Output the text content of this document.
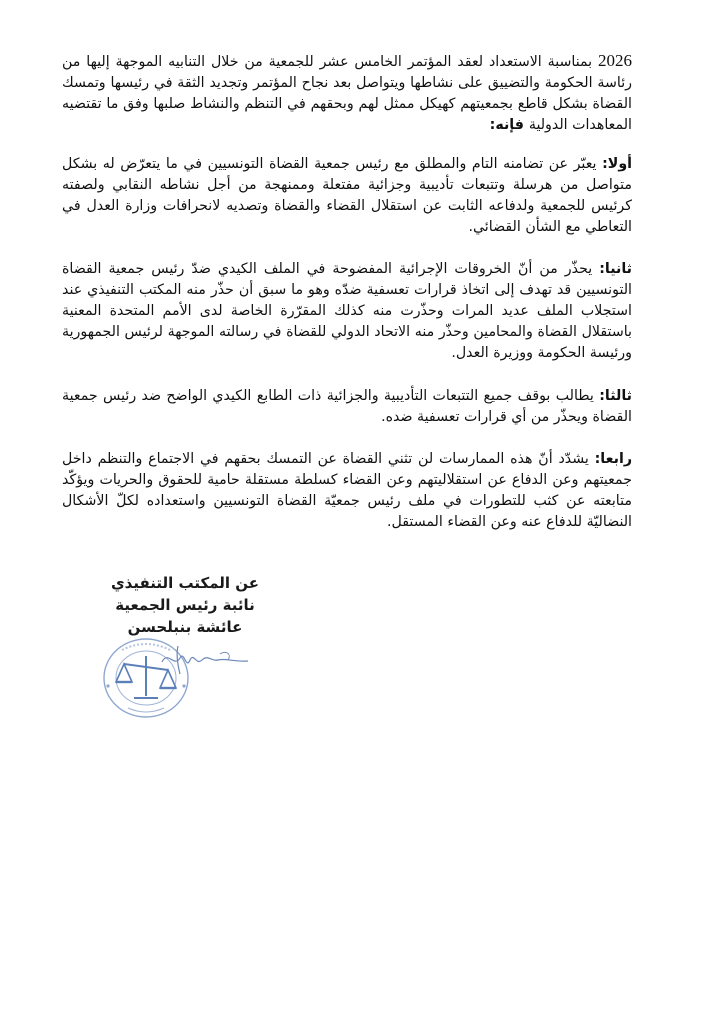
2026 بمناسبة الاستعداد لعقد المؤتمر الخامس عشر للجمعية من خلال التنابيه الموجهة إليها من رئاسة الحكومة والتضييق على نشاطها ويتواصل بعد نجاح المؤتمر وتجديد الثقة في رئيسها وتمسك القضاة بشكل قاطع بجمعيتهم كهيكل ممثل لهم وبحقهم في التنظم والنشاط صلبها وفق ما تقتضيه المعاهدات الدولية فإنه:

أولا: يعبّر عن تضامنه التام والمطلق مع رئيس جمعية القضاة التونسيين في ما يتعرّض له بشكل متواصل من هرسلة وتتبعات تأديبية وجزائية مفتعلة وممنهجة من أجل نشاطه النقابي ولصفته كرئيس للجمعية ولدفاعه الثابت عن استقلال القضاء والقضاة وتصديه لانحرافات وزارة العدل في التعاطي مع الشأن القضائي.

ثانيا: يحذّر من أنّ الخروقات الإجرائية المفضوحة في الملف الكيدي ضدّ رئيس جمعية القضاة التونسيين قد تهدف إلى اتخاذ قرارات تعسفية ضدّه وهو ما سبق أن حذّر منه المكتب التنفيذي عند استجلاب الملف عديد المرات وحذّرت منه كذلك المقرّرة الخاصة لدى الأمم المتحدة المعنية باستقلال القضاة والمحامين وحذّر منه الاتحاد الدولي للقضاة في رسالته الموجهة لرئيس الجمهورية ورئيسة الحكومة ووزيرة العدل.

ثالثا: يطالب بوقف جميع التتبعات التأديبية والجزائية ذات الطابع الكيدي الواضح ضد رئيس جمعية القضاة ويحذّر من أي قرارات تعسفية ضده.

رابعا: يشدّد أنّ هذه الممارسات لن تثني القضاة عن التمسك بحقهم في الاجتماع والتنظم داخل جمعيتهم وعن الدفاع عن استقلاليتهم وعن القضاء كسلطة مستقلة حامية للحقوق والحريات ويؤكّد متابعته عن كثب للتطورات في ملف رئيس جمعيّة القضاة التونسيين واستعداده لكلّ الأشكال النضاليّة للدفاع عنه وعن القضاء المستقل.

عن المكتب التنفيذي
نائبة رئيس الجمعية
عائشة بنبلحسن
